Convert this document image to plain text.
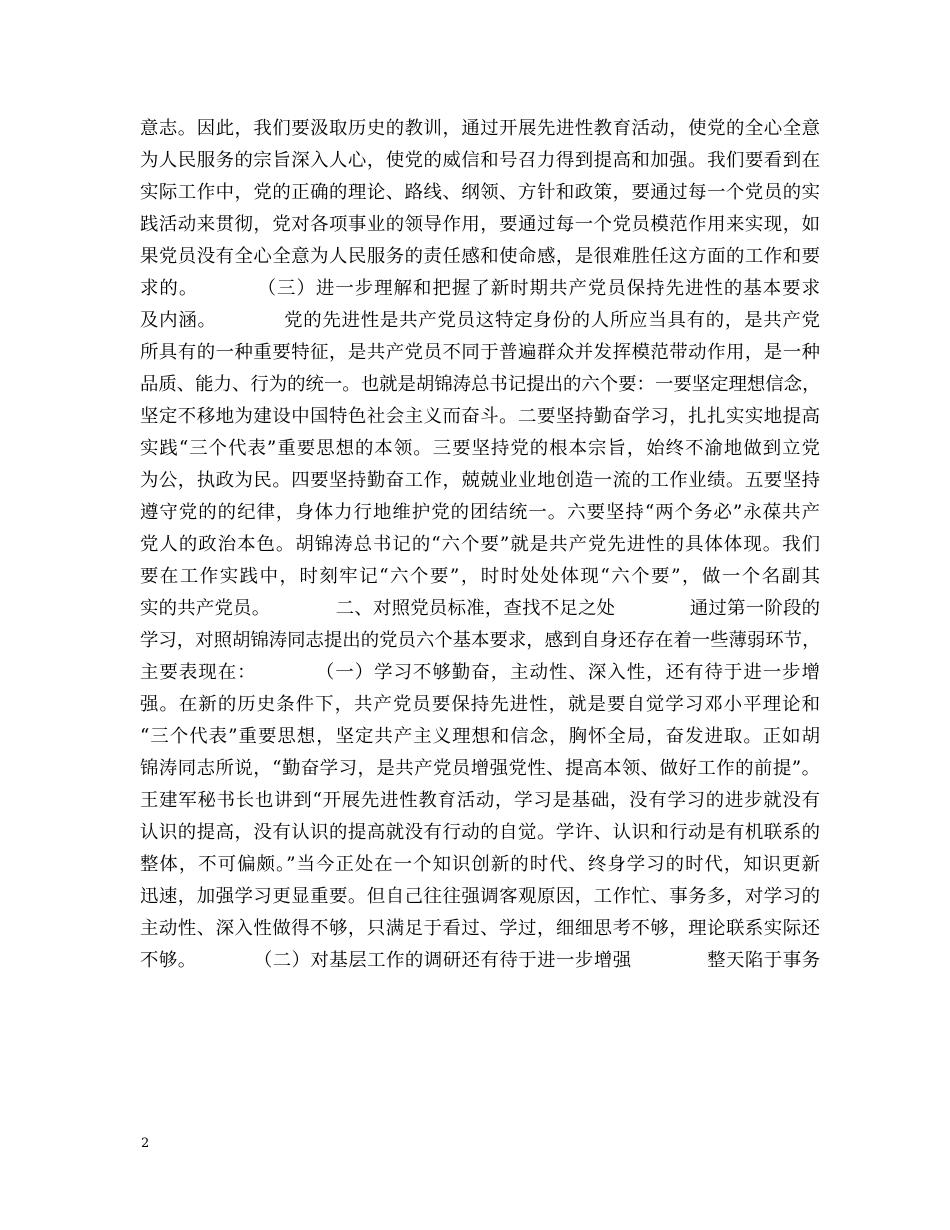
意志。因此，我们要汲取历史的教训，通过开展先进性教育活动，使党的全心全意
为人民服务的宗旨深入人心，使党的威信和号召力得到提高和加强。我们要看到在
实际工作中，党的正确的理论、路线、纲领、方针和政策，要通过每一个党员的实
践活动来贯彻，党对各项事业的领导作用，要通过每一个党员模范作用来实现，如
果党员没有全心全意为人民服务的责任感和使命感，是很难胜任这方面的工作和要
求的。　　　　（三）进一步理解和把握了新时期共产党员保持先进性的基本要求
及内涵。　　　　党的先进性是共产党员这特定身份的人所应当具有的，是共产党
所具有的一种重要特征，是共产党员不同于普遍群众并发挥模范带动作用，是一种
品质、能力、行为的统一。也就是胡锦涛总书记提出的六个要：一要坚定理想信念，
坚定不移地为建设中国特色社会主义而奋斗。二要坚持勤奋学习，扎扎实实地提高
实践“三个代表”重要思想的本领。三要坚持党的根本宗旨，始终不渝地做到立党
为公，执政为民。四要坚持勤奋工作，兢兢业业地创造一流的工作业绩。五要坚持
遵守党的的纪律，身体力行地维护党的团结统一。六要坚持“两个务必”永葆共产
党人的政治本色。胡锦涛总书记的“六个要”就是共产党先进性的具体体现。我们
要在工作实践中，时刻牢记“六个要”，时时处处体现“六个要”，做一个名副其
实的共产党员。　　　　二、对照党员标准，查找不足之处　　　　通过第一阶段的
学习，对照胡锦涛同志提出的党员六个基本要求，感到自身还存在着一些薄弱环节，
主要表现在：　　　　（一）学习不够勤奋，主动性、深入性，还有待于进一步增
强。在新的历史条件下，共产党员要保持先进性，就是要自觉学习邓小平理论和
“三个代表”重要思想，坚定共产主义理想和信念，胸怀全局，奋发进取。正如胡
锦涛同志所说，“勤奋学习，是共产党员增强党性、提高本领、做好工作的前提”。
王建军秘书长也讲到“开展先进性教育活动，学习是基础，没有学习的进步就没有
认识的提高，没有认识的提高就没有行动的自觉。学许、认识和行动是有机联系的
整体，不可偏颇。”当今正处在一个知识创新的时代、终身学习的时代，知识更新
迅速，加强学习更显重要。但自己往往强调客观原因，工作忙、事务多，对学习的
主动性、深入性做得不够，只满足于看过、学过，细细思考不够，理论联系实际还
不够。　　　　（二）对基层工作的调研还有待于进一步增强　　　　整天陷于事务
2
